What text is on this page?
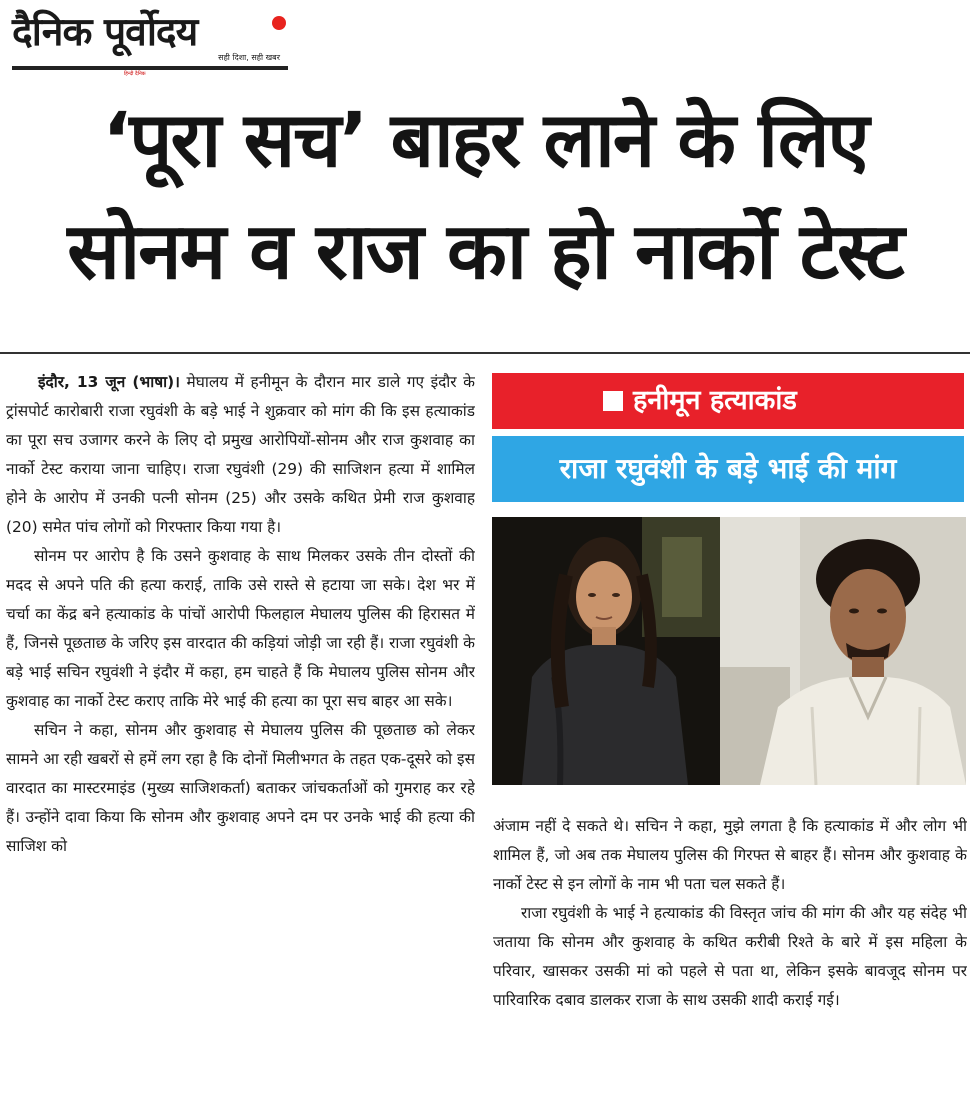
दैनिक पूर्वोदय
सही दिशा, सही खबर
हिन्दी दैनिक
‘पूरा सच’ बाहर लाने के लिए
सोनम व राज का हो नार्को टेस्ट

इंदौर, 13 जून (भाषा)। मेघालय में हनीमून के दौरान मार डाले गए इंदौर के ट्रांसपोर्ट कारोबारी राजा रघुवंशी के बड़े भाई ने शुक्रवार को मांग की कि इस हत्याकांड का पूरा सच उजागर करने के लिए दो प्रमुख आरोपियों-सोनम और राज कुशवाह का नार्को टेस्ट कराया जाना चाहिए। राजा रघुवंशी (29) की साजिशन हत्या में शामिल होने के आरोप में उनकी पत्नी सोनम (25) और उसके कथित प्रेमी राज कुशवाह (20) समेत पांच लोगों को गिरफ्तार किया गया है।

सोनम पर आरोप है कि उसने कुशवाह के साथ मिलकर उसके तीन दोस्तों की मदद से अपने पति की हत्या कराई, ताकि उसे रास्ते से हटाया जा सके। देश भर में चर्चा का केंद्र बने हत्याकांड के पांचों आरोपी फिलहाल मेघालय पुलिस की हिरासत में हैं, जिनसे पूछताछ के जरिए इस वारदात की कड़ियां जोड़ी जा रही हैं। राजा रघुवंशी के बड़े भाई सचिन रघुवंशी ने इंदौर में कहा, हम चाहते हैं कि मेघालय पुलिस सोनम और कुशवाह का नार्को टेस्ट कराए ताकि मेरे भाई की हत्या का पूरा सच बाहर आ सके।

सचिन ने कहा, सोनम और कुशवाह से मेघालय पुलिस की पूछताछ को लेकर सामने आ रही खबरों से हमें लग रहा है कि दोनों मिलीभगत के तहत एक-दूसरे को इस वारदात का मास्टरमाइंड (मुख्य साजिशकर्ता) बताकर जांचकर्ताओं को गुमराह कर रहे हैं। उन्होंने दावा किया कि सोनम और कुशवाह अपने दम पर उनके भाई की हत्या की साजिश को

हनीमून हत्याकांड
राजा रघुवंशी के बड़े भाई की मांग

अंजाम नहीं दे सकते थे। सचिन ने कहा, मुझे लगता है कि हत्याकांड में और लोग भी शामिल हैं, जो अब तक मेघालय पुलिस की गिरफ्त से बाहर हैं। सोनम और कुशवाह के नार्को टेस्ट से इन लोगों के नाम भी पता चल सकते हैं।

राजा रघुवंशी के भाई ने हत्याकांड की विस्तृत जांच की मांग की और यह संदेह भी जताया कि सोनम और कुशवाह के कथित करीबी रिश्ते के बारे में इस महिला के परिवार, खासकर उसकी मां को पहले से पता था, लेकिन इसके बावजूद सोनम पर पारिवारिक दबाव डालकर राजा के साथ उसकी शादी कराई गई।
